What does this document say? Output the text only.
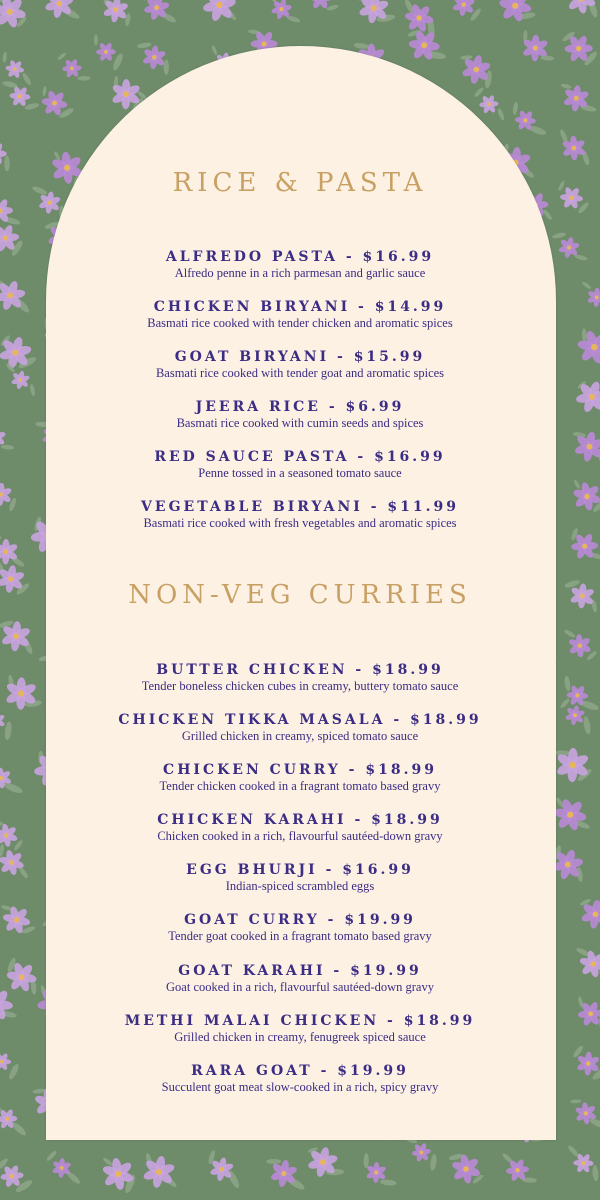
RICE & PASTA
ALFREDO PASTA - $16.99
Alfredo penne in a rich parmesan and garlic sauce
CHICKEN BIRYANI - $14.99
Basmati rice cooked with tender chicken and aromatic spices
GOAT BIRYANI - $15.99
Basmati rice cooked with tender goat and aromatic spices
JEERA RICE - $6.99
Basmati rice cooked with cumin seeds and spices
RED SAUCE PASTA - $16.99
Penne tossed in a seasoned tomato sauce
VEGETABLE BIRYANI - $11.99
Basmati rice cooked with fresh vegetables and aromatic spices
NON-VEG CURRIES
BUTTER CHICKEN - $18.99
Tender boneless chicken cubes in creamy, buttery tomato sauce
CHICKEN TIKKA MASALA - $18.99
Grilled chicken in creamy, spiced tomato sauce
CHICKEN CURRY - $18.99
Tender chicken cooked in a fragrant tomato based gravy
CHICKEN KARAHI - $18.99
Chicken cooked in a rich, flavourful sautéed-down gravy
EGG BHURJI - $16.99
Indian-spiced scrambled eggs
GOAT CURRY - $19.99
Tender goat cooked in a fragrant tomato based gravy
GOAT KARAHI - $19.99
Goat cooked in a rich, flavourful sautéed-down gravy
METHI MALAI CHICKEN - $18.99
Grilled chicken in creamy, fenugreek spiced sauce
RARA GOAT - $19.99
Succulent goat meat slow-cooked in a rich, spicy gravy
